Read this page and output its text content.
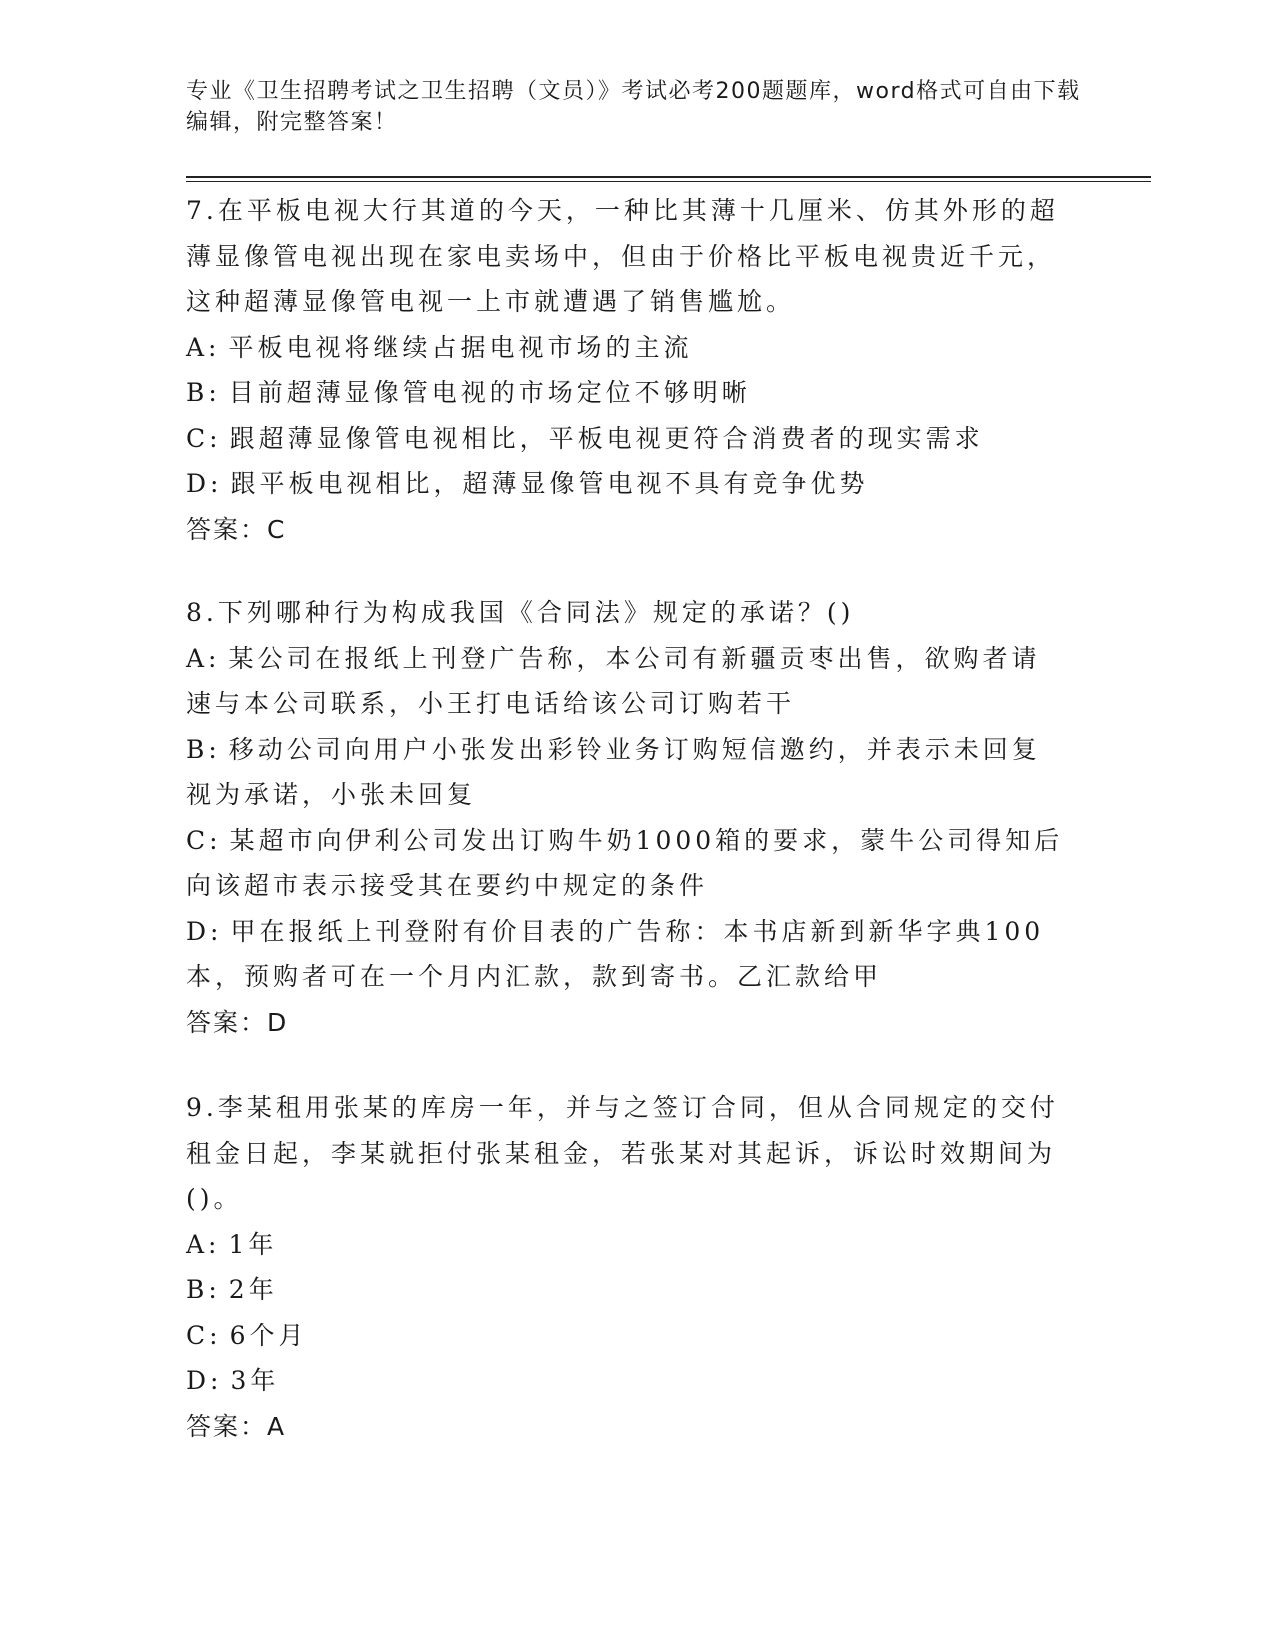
专业《卫生招聘考试之卫生招聘（文员）》考试必考200题题库，word格式可自由下载编辑，附完整答案！
7.在平板电视大行其道的今天，一种比其薄十几厘米、仿其外形的超薄显像管电视出现在家电卖场中，但由于价格比平板电视贵近千元，这种超薄显像管电视一上市就遭遇了销售尴尬。
A: 平板电视将继续占据电视市场的主流
B: 目前超薄显像管电视的市场定位不够明晰
C: 跟超薄显像管电视相比，平板电视更符合消费者的现实需求
D: 跟平板电视相比，超薄显像管电视不具有竞争优势
答案：C
8.下列哪种行为构成我国《合同法》规定的承诺？()
A: 某公司在报纸上刊登广告称，本公司有新疆贡枣出售，欲购者请速与本公司联系，小王打电话给该公司订购若干
B: 移动公司向用户小张发出彩铃业务订购短信邀约，并表示未回复视为承诺，小张未回复
C: 某超市向伊利公司发出订购牛奶1000箱的要求，蒙牛公司得知后向该超市表示接受其在要约中规定的条件
D: 甲在报纸上刊登附有价目表的广告称：本书店新到新华字典100本，预购者可在一个月内汇款，款到寄书。乙汇款给甲
答案：D
9.李某租用张某的库房一年，并与之签订合同，但从合同规定的交付租金日起，李某就拒付张某租金，若张某对其起诉，诉讼时效期间为()。
A: 1年
B: 2年
C: 6个月
D: 3年
答案：A
